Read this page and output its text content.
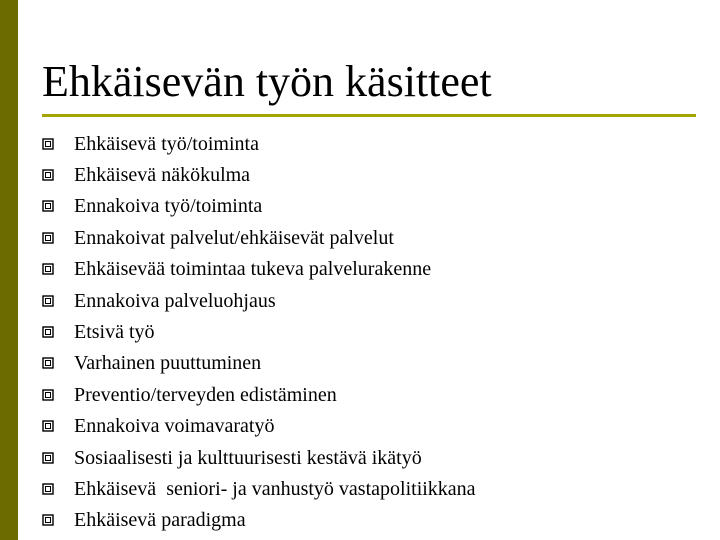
Ehkäisevän työn käsitteet
Ehkäisevä työ/toiminta
Ehkäisevä näkökulma
Ennakoiva työ/toiminta
Ennakoivat palvelut/ehkäisevät palvelut
Ehkäisevää toimintaa tukeva palvelurakenne
Ennakoiva palveluohjaus
Etsivä työ
Varhainen puuttuminen
Preventio/terveyden edistäminen
Ennakoiva voimavaratyö
Sosiaalisesti ja kulttuurisesti kestävä ikätyö
Ehkäisevä  seniori- ja vanhustyö vastapolitiikkana
Ehkäisevä paradigma
